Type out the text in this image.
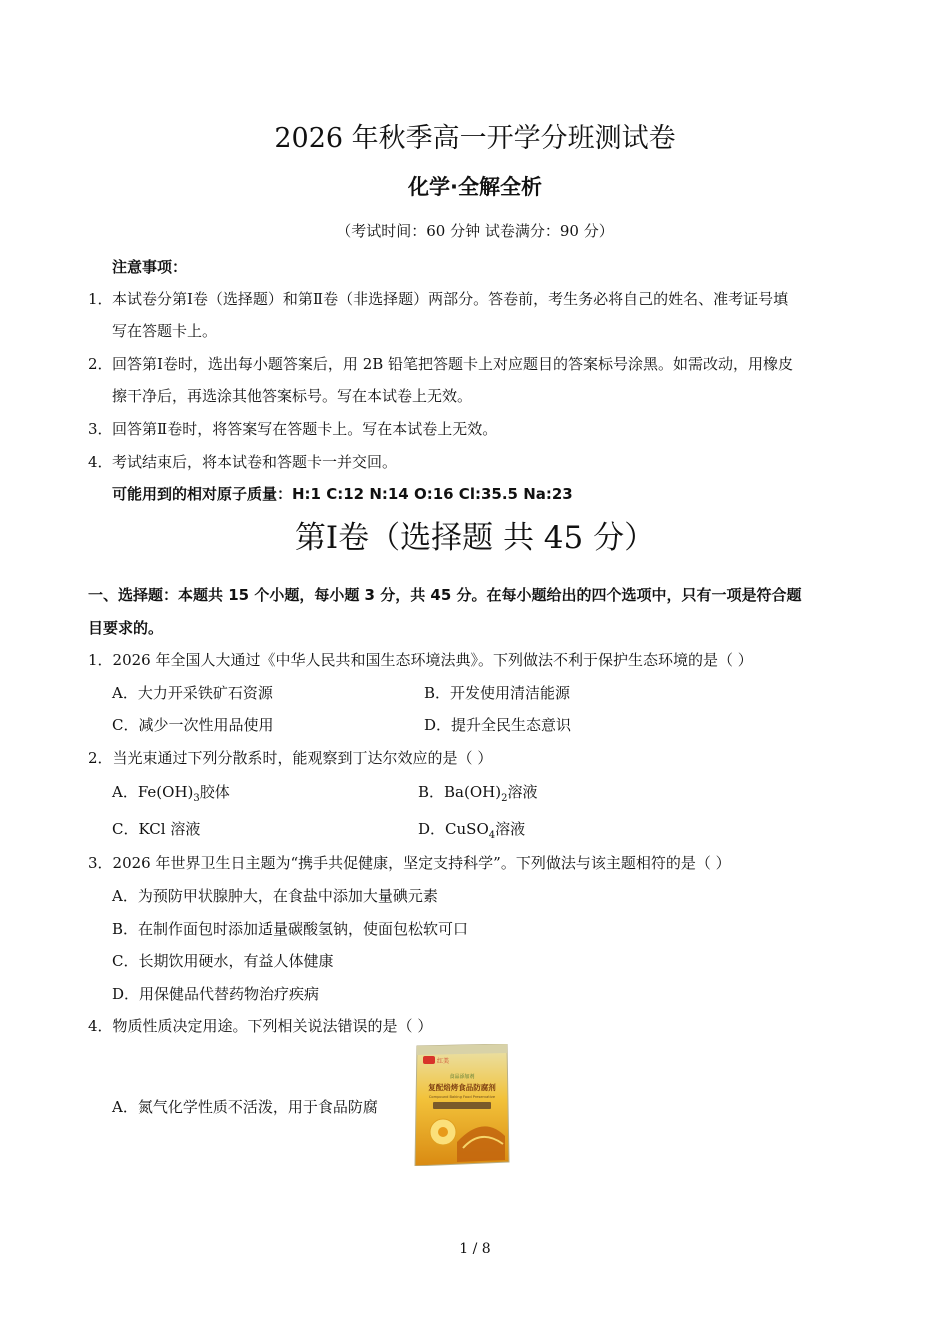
2026 年秋季高一开学分班测试卷
化学·全解全析
（考试时间：60 分钟 试卷满分：90 分）
注意事项：
1． 本试卷分第Ⅰ卷（选择题）和第Ⅱ卷（非选择题）两部分。答卷前，考生务必将自己的姓名、准考证号填
写在答题卡上。
2． 回答第Ⅰ卷时，选出每小题答案后，用 2B 铅笔把答题卡上对应题目的答案标号涂黑。如需改动，用橡皮
擦干净后，再选涂其他答案标号。写在本试卷上无效。
3． 回答第Ⅱ卷时，将答案写在答题卡上。写在本试卷上无效。
4． 考试结束后，将本试卷和答题卡一并交回。
可能用到的相对原子质量：H:1 C:12 N:14 O:16 Cl:35.5 Na:23
第Ⅰ卷（选择题 共 45 分）
一、选择题：本题共 15 个小题，每小题 3 分，共 45 分。在每小题给出的四个选项中，只有一项是符合题
目要求的。
1．2026 年全国人大通过《中华人民共和国生态环境法典》。下列做法不利于保护生态环境的是（ ）
A．大力开采铁矿石资源	B．开发使用清洁能源
C．减少一次性用品使用	D．提升全民生态意识
2．当光束通过下列分散系时，能观察到丁达尔效应的是（ ）
A．$Fe(OH)_3$胶体	B．$Ba(OH)_2$溶液
C．KCl 溶液	D．CuSO$_4$溶液
3．2026 年世界卫生日主题为“携手共促健康，坚定支持科学”。下列做法与该主题相符的是（ ）
A．为预防甲状腺肿大，在食盐中添加大量碘元素
B．在制作面包时添加适量碳酸氢钠，使面包松软可口
C．长期饮用硬水，有益人体健康
D．用保健品代替药物治疗疾病
4．物质性质决定用途。下列相关说法错误的是（ ）
A．氮气化学性质不活泼，用于食品防腐
红美
食品添加剂
复配焙烤食品防腐剂
Compound Baking Food Preservative
1 / 8
